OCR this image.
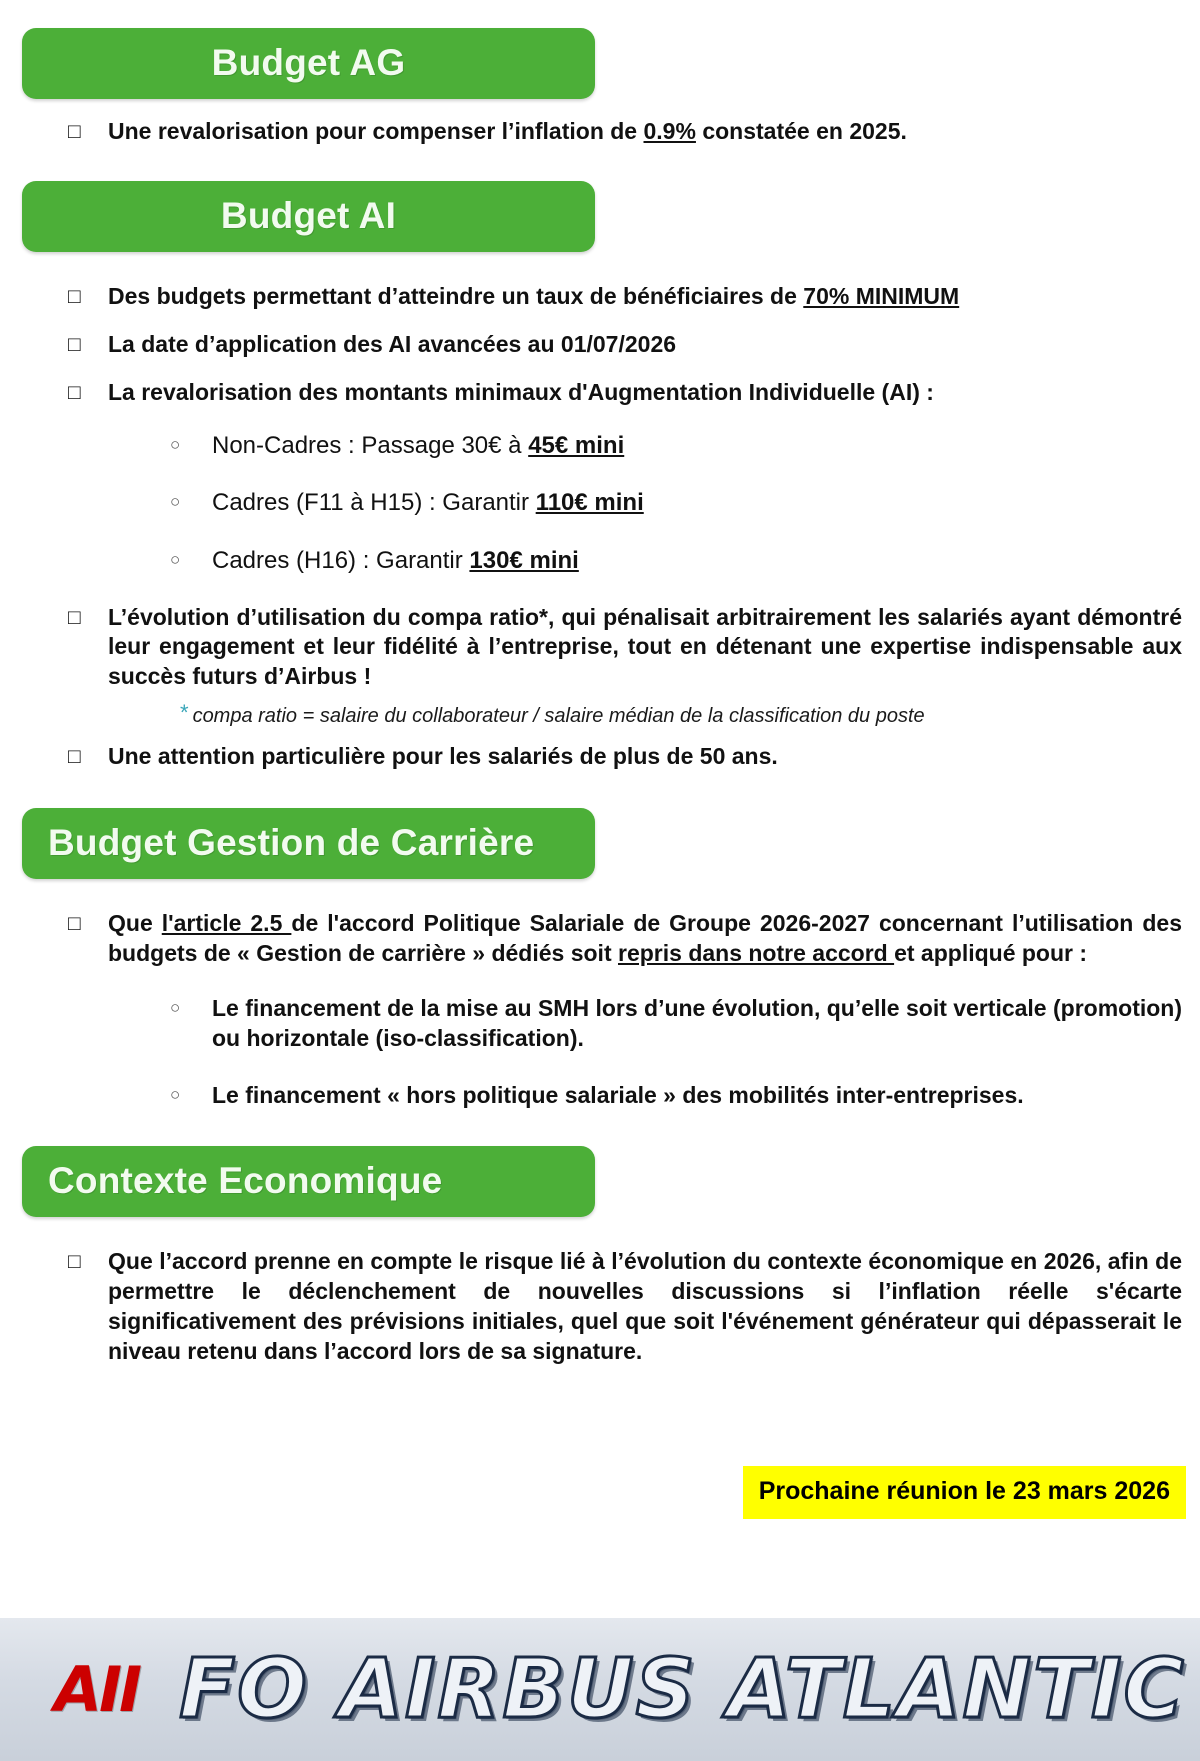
Budget AG
□
Une revalorisation pour compenser l’inflation de 0.9% constatée en 2025.
Budget AI
□
Des budgets permettant d’atteindre un taux de bénéficiaires de 70% MINIMUM
□
La date d’application des AI avancées au 01/07/2026
□
La revalorisation des montants minimaux d'Augmentation Individuelle (AI) :
○
Non-Cadres : Passage 30€ à 45€ mini
○
Cadres (F11 à H15) : Garantir 110€ mini
○
Cadres (H16) : Garantir 130€ mini
□
L’évolution d’utilisation du compa ratio*, qui pénalisait arbitrairement les salariés ayant démontré leur engagement et leur fidélité à l’entreprise, tout en détenant une expertise indispensable aux succès futurs d’Airbus !
* compa ratio = salaire du collaborateur / salaire médian de la classification du poste
□
Une attention particulière pour les salariés de plus de 50 ans.
Budget Gestion de Carrière
□
Que l'article 2.5 de l'accord Politique Salariale de Groupe 2026-2027 concernant l’utilisation des budgets de « Gestion de carrière » dédiés soit repris dans notre accord et appliqué pour :
○
Le financement de la mise au SMH lors d’une évolution, qu’elle soit verticale (promotion) ou horizontale (iso-classification).
○
Le financement « hors politique salariale » des mobilités inter-entreprises.
Contexte Economique
□
Que l’accord prenne en compte le risque lié à l’évolution du contexte économique en 2026, afin de permettre le déclenchement de nouvelles discussions si l’inflation réelle s'écarte significativement des prévisions initiales, quel que soit l'événement générateur qui dépasserait le niveau retenu dans l’accord lors de sa signature.
Prochaine réunion le 23 mars 2026
AII FO AIRBUS ATLANTIC
